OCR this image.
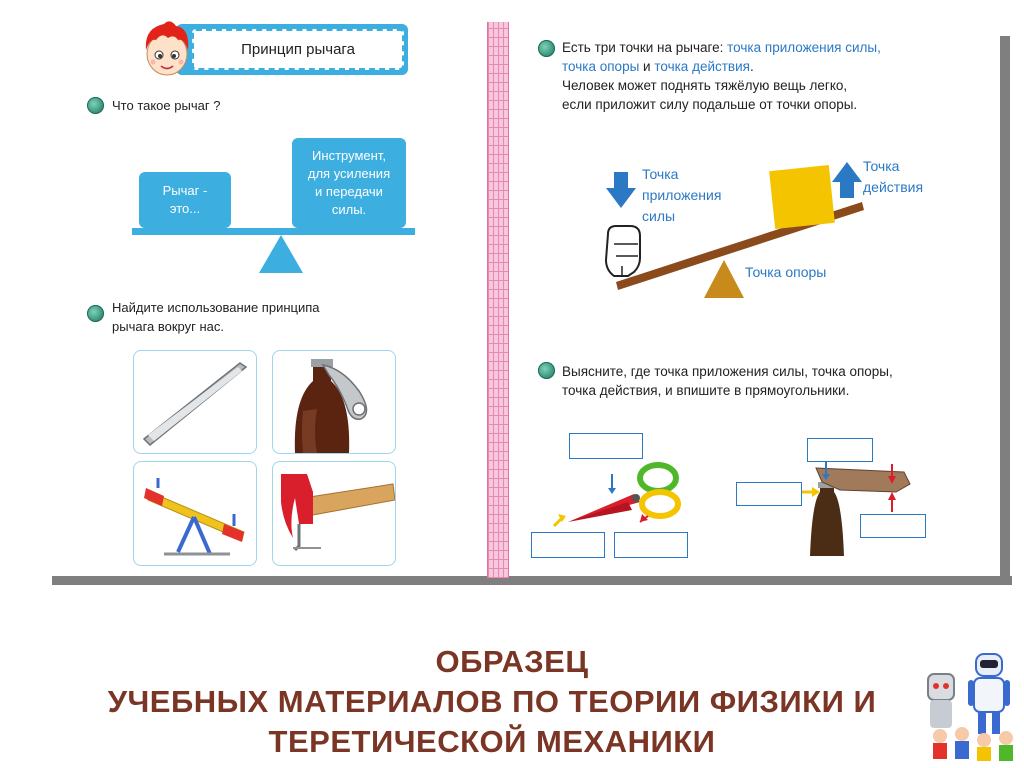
Принцип рычага
Что такое рычаг ?
Рычаг -
это...
Инструмент,
для усиления
и передачи
силы.
Найдите использование принципа
рычага вокруг нас.
Есть три точки на рычаге: точка приложения силы,
точка опоры и точка действия.
Человек может поднять тяжёлую вещь легко,
если приложит силу подальше от точки опоры.
Точка
приложения
силы
Точка
действия
Точка опоры
Выясните, где точка приложения силы, точка опоры,
точка действия, и впишите в прямоугольники.
ОБРАЗЕЦ
УЧЕБНЫХ МАТЕРИАЛОВ ПО ТЕОРИИ ФИЗИКИ И
ТЕРЕТИЧЕСКОЙ МЕХАНИКИ
